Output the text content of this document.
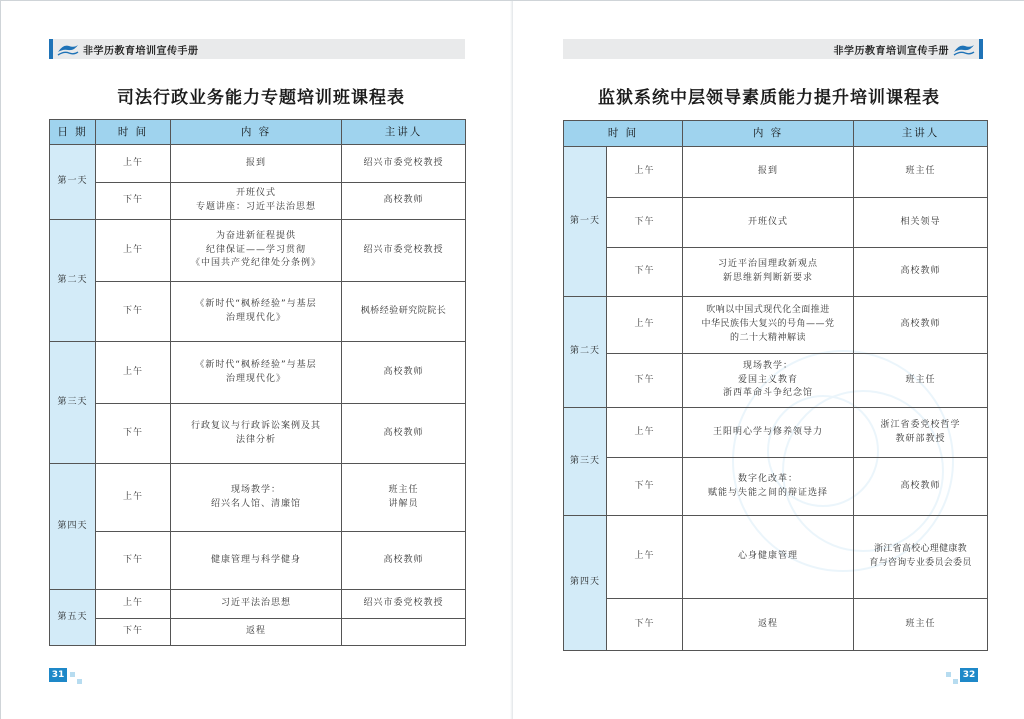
非学历教育培训宣传手册
司法行政业务能力专题培训班课程表
日 期	时 间	内 容	主讲人
第一天	上午	报到	绍兴市委党校教授
	下午	开班仪式
专题讲座：习近平法治思想	高校教师
第二天	上午	为奋进新征程提供
纪律保证——学习贯彻
《中国共产党纪律处分条例》	绍兴市委党校教授
	下午	《新时代“枫桥经验”与基层
治理现代化》	枫桥经验研究院院长
第三天	上午	《新时代“枫桥经验”与基层
治理现代化》	高校教师
	下午	行政复议与行政诉讼案例及其
法律分析	高校教师
第四天	上午	现场教学：
绍兴名人馆、清廉馆	班主任
讲解员
	下午	健康管理与科学健身	高校教师
第五天	上午	习近平法治思想	绍兴市委党校教授
	下午	返程	
31
非学历教育培训宣传手册
监狱系统中层领导素质能力提升培训课程表
时 间		内 容	主讲人
第一天	上午	报到	班主任
	下午	开班仪式	相关领导
	下午	习近平治国理政新观点
新思维新判断新要求	高校教师
第二天	上午	吹响以中国式现代化全面推进
中华民族伟大复兴的号角——党
的二十大精神解读	高校教师
	下午	现场教学：
爱国主义教育
浙西革命斗争纪念馆	班主任
第三天	上午	王阳明心学与修养领导力	浙江省委党校哲学
教研部教授
	下午	数字化改革：
赋能与失能之间的辩证选择	高校教师
第四天	上午	心身健康管理	浙江省高校心理健康教
育与咨询专业委员会委员
	下午	返程	班主任
32
